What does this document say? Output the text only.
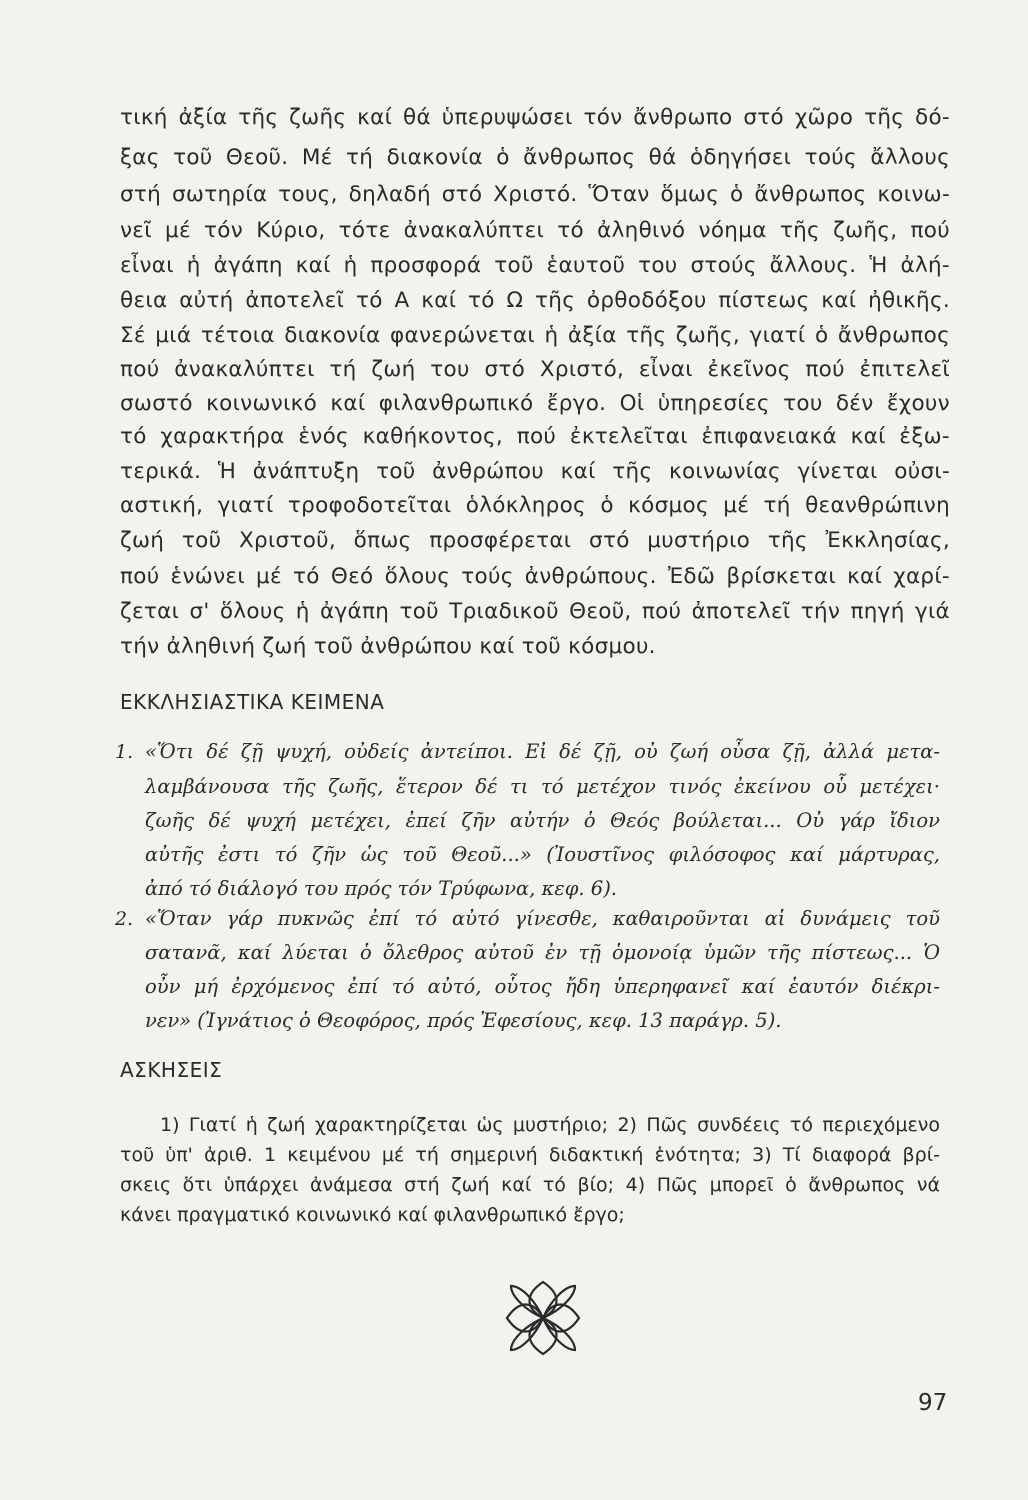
τική ἀξία τῆς ζωῆς καί θά ὑπερυψώσει τόν ἄνθρωπο στό χῶρο τῆς δό-
ξας τοῦ Θεοῦ. Μέ τή διακονία ὁ ἄνθρωπος θά ὁδηγήσει τούς ἄλλους
στή σωτηρία τους, δηλαδή στό Χριστό. Ὅταν ὅμως ὁ ἄνθρωπος κοινω-
νεῖ μέ τόν Κύριο, τότε ἀνακαλύπτει τό ἀληθινό νόημα τῆς ζωῆς, πού
εἶναι ἡ ἀγάπη καί ἡ προσφορά τοῦ ἑαυτοῦ του στούς ἄλλους. Ἡ ἀλή-
θεια αὐτή ἀποτελεῖ τό Α καί τό Ω τῆς ὀρθοδόξου πίστεως καί ἠθικῆς.
Σέ μιά τέτοια διακονία φανερώνεται ἡ ἀξία τῆς ζωῆς, γιατί ὁ ἄνθρωπος
πού ἀνακαλύπτει τή ζωή του στό Χριστό, εἶναι ἐκεῖνος πού ἐπιτελεῖ
σωστό κοινωνικό καί φιλανθρωπικό ἔργο. Οἱ ὑπηρεσίες του δέν ἔχουν
τό χαρακτήρα ἑνός καθήκοντος, πού ἐκτελεῖται ἐπιφανειακά καί ἐξω-
τερικά. Ἡ ἀνάπτυξη τοῦ ἀνθρώπου καί τῆς κοινωνίας γίνεται οὐσι-
αστική, γιατί τροφοδοτεῖται ὁλόκληρος ὁ κόσμος μέ τή θεανθρώπινη
ζωή τοῦ Χριστοῦ, ὅπως προσφέρεται στό μυστήριο τῆς Ἐκκλησίας,
πού ἑνώνει μέ τό Θεό ὅλους τούς ἀνθρώπους. Ἐδῶ βρίσκεται καί χαρί-
ζεται σ' ὅλους ἡ ἀγάπη τοῦ Τριαδικοῦ Θεοῦ, πού ἀποτελεῖ τήν πηγή γιά
τήν ἀληθινή ζωή τοῦ ἀνθρώπου καί τοῦ κόσμου.
ΕΚΚΛΗΣΙΑΣΤΙΚΑ ΚΕΙΜΕΝΑ
1. «Ὅτι δέ ζῇ ψυχή, οὐδείς ἀντείποι. Εἰ δέ ζῇ, οὐ ζωή οὖσα ζῇ, ἀλλά μετα-
λαμβάνουσα τῆς ζωῆς, ἕτερον δέ τι τό μετέχον τινός ἐκείνου οὗ μετέχει·
ζωῆς δέ ψυχή μετέχει, ἐπεί ζῆν αὐτήν ὁ Θεός βούλεται... Οὐ γάρ ἴδιον
αὐτῆς ἐστι τό ζῆν ὡς τοῦ Θεοῦ...» (Ἰουστῖνος φιλόσοφος καί μάρτυρας,
ἀπό τό διάλογό του πρός τόν Τρύφωνα, κεφ. 6).
2. «Ὅταν γάρ πυκνῶς ἐπί τό αὐτό γίνεσθε, καθαιροῦνται αἱ δυνάμεις τοῦ
σατανᾶ, καί λύεται ὁ ὄλεθρος αὐτοῦ ἐν τῇ ὁμονοίᾳ ὑμῶν τῆς πίστεως... Ὁ
οὖν μή ἐρχόμενος ἐπί τό αὐτό, οὗτος ἤδη ὑπερηφανεῖ καί ἑαυτόν διέκρι-
νεν» (Ἰγνάτιος ὁ Θεοφόρος, πρός Ἐφεσίους, κεφ. 13 παράγρ. 5).
ΑΣΚΗΣΕΙΣ
1) Γιατί ἡ ζωή χαρακτηρίζεται ὡς μυστήριο; 2) Πῶς συνδέεις τό περιεχόμενο
τοῦ ὑπ' ἀριθ. 1 κειμένου μέ τή σημερινή διδακτική ἑνότητα; 3) Τί διαφορά βρί-
σκεις ὅτι ὑπάρχει ἀνάμεσα στή ζωή καί τό βίο; 4) Πῶς μπορεῖ ὁ ἄνθρωπος νά
κάνει πραγματικό κοινωνικό καί φιλανθρωπικό ἔργο;
97
